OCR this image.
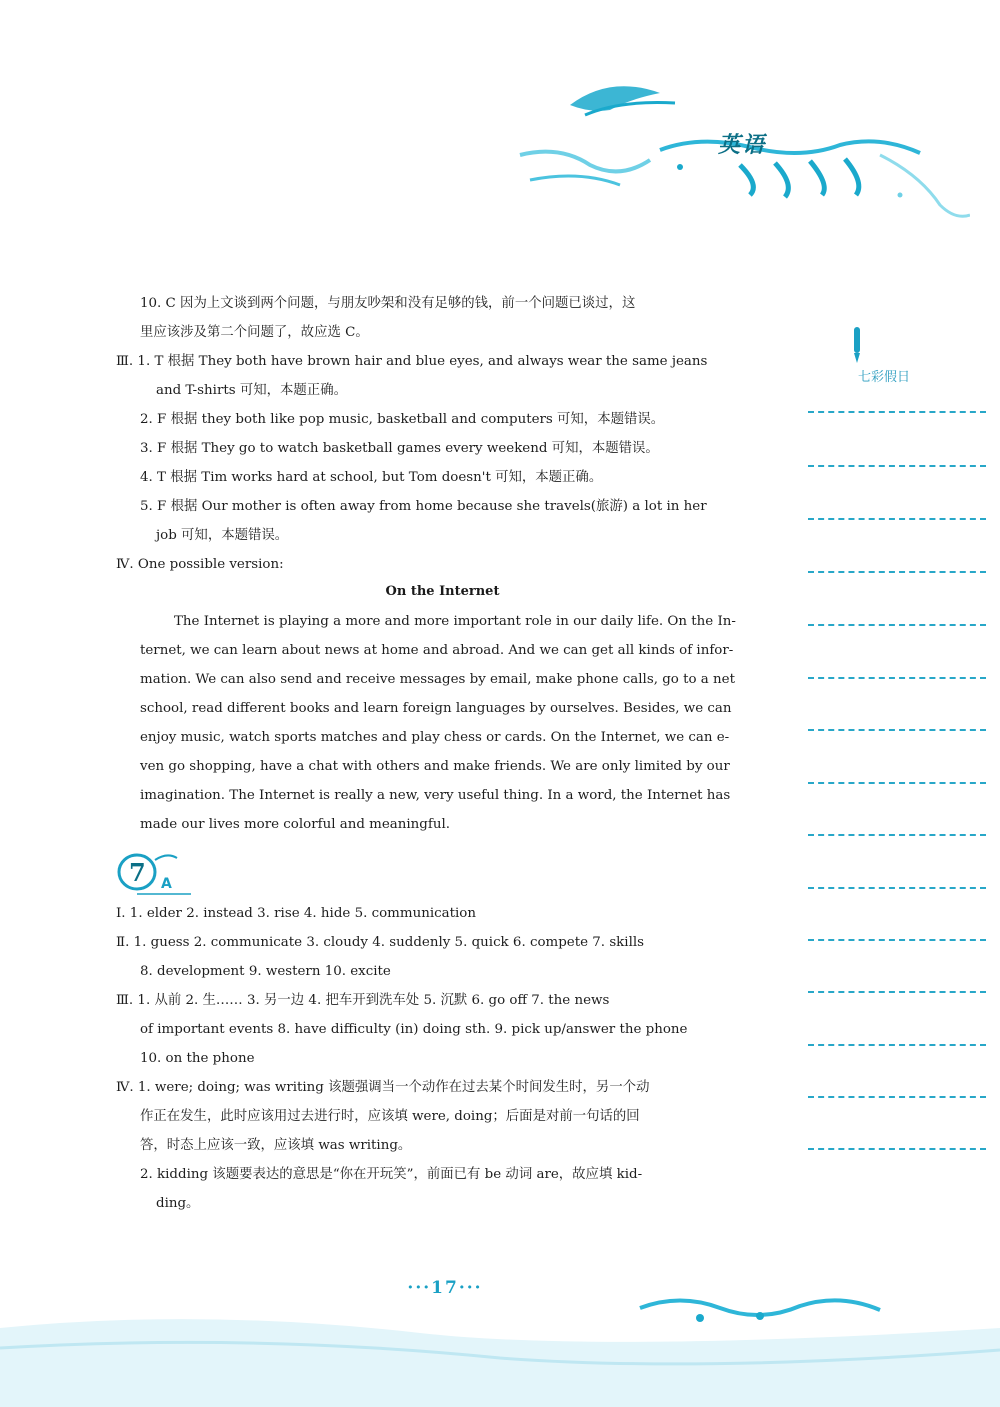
英语
七彩假日
10. C 因为上文谈到两个问题，与朋友吵架和没有足够的钱，前一个问题已谈过，这
里应该涉及第二个问题了，故应选 C。
Ⅲ. 1. T 根据 They both have brown hair and blue eyes, and always wear the same jeans
and T-shirts 可知，本题正确。
2. F 根据 they both like pop music, basketball and computers 可知，本题错误。
3. F 根据 They go to watch basketball games every weekend 可知，本题错误。
4. T 根据 Tim works hard at school, but Tom doesn't 可知，本题正确。
5. F 根据 Our mother is often away from home because she travels(旅游) a lot in her
job 可知，本题错误。
Ⅳ. One possible version:
On the Internet
The Internet is playing a more and more important role in our daily life. On the In-
ternet, we can learn about news at home and abroad. And we can get all kinds of infor-
mation. We can also send and receive messages by email, make phone calls, go to a net
school, read different books and learn foreign languages by ourselves. Besides, we can
enjoy music, watch sports matches and play chess or cards. On the Internet, we can e-
ven go shopping, have a chat with others and make friends. We are only limited by our
imagination. The Internet is really a new, very useful thing. In a word, the Internet has
made our lives more colorful and meaningful.
7 A
Ⅰ. 1. elder 2. instead 3. rise 4. hide 5. communication
Ⅱ. 1. guess 2. communicate 3. cloudy 4. suddenly 5. quick 6. compete 7. skills
8. development 9. western 10. excite
Ⅲ. 1. 从前 2. 生…… 3. 另一边 4. 把车开到洗车处 5. 沉默 6. go off 7. the news
of important events 8. have difficulty (in) doing sth. 9. pick up/answer the phone
10. on the phone
Ⅳ. 1. were; doing; was writing 该题强调当一个动作在过去某个时间发生时，另一个动
作正在发生，此时应该用过去进行时，应该填 were, doing；后面是对前一句话的回
答，时态上应该一致，应该填 was writing。
2. kidding 该题要表达的意思是“你在开玩笑”，前面已有 be 动词 are，故应填 kid-
ding。
···17···
